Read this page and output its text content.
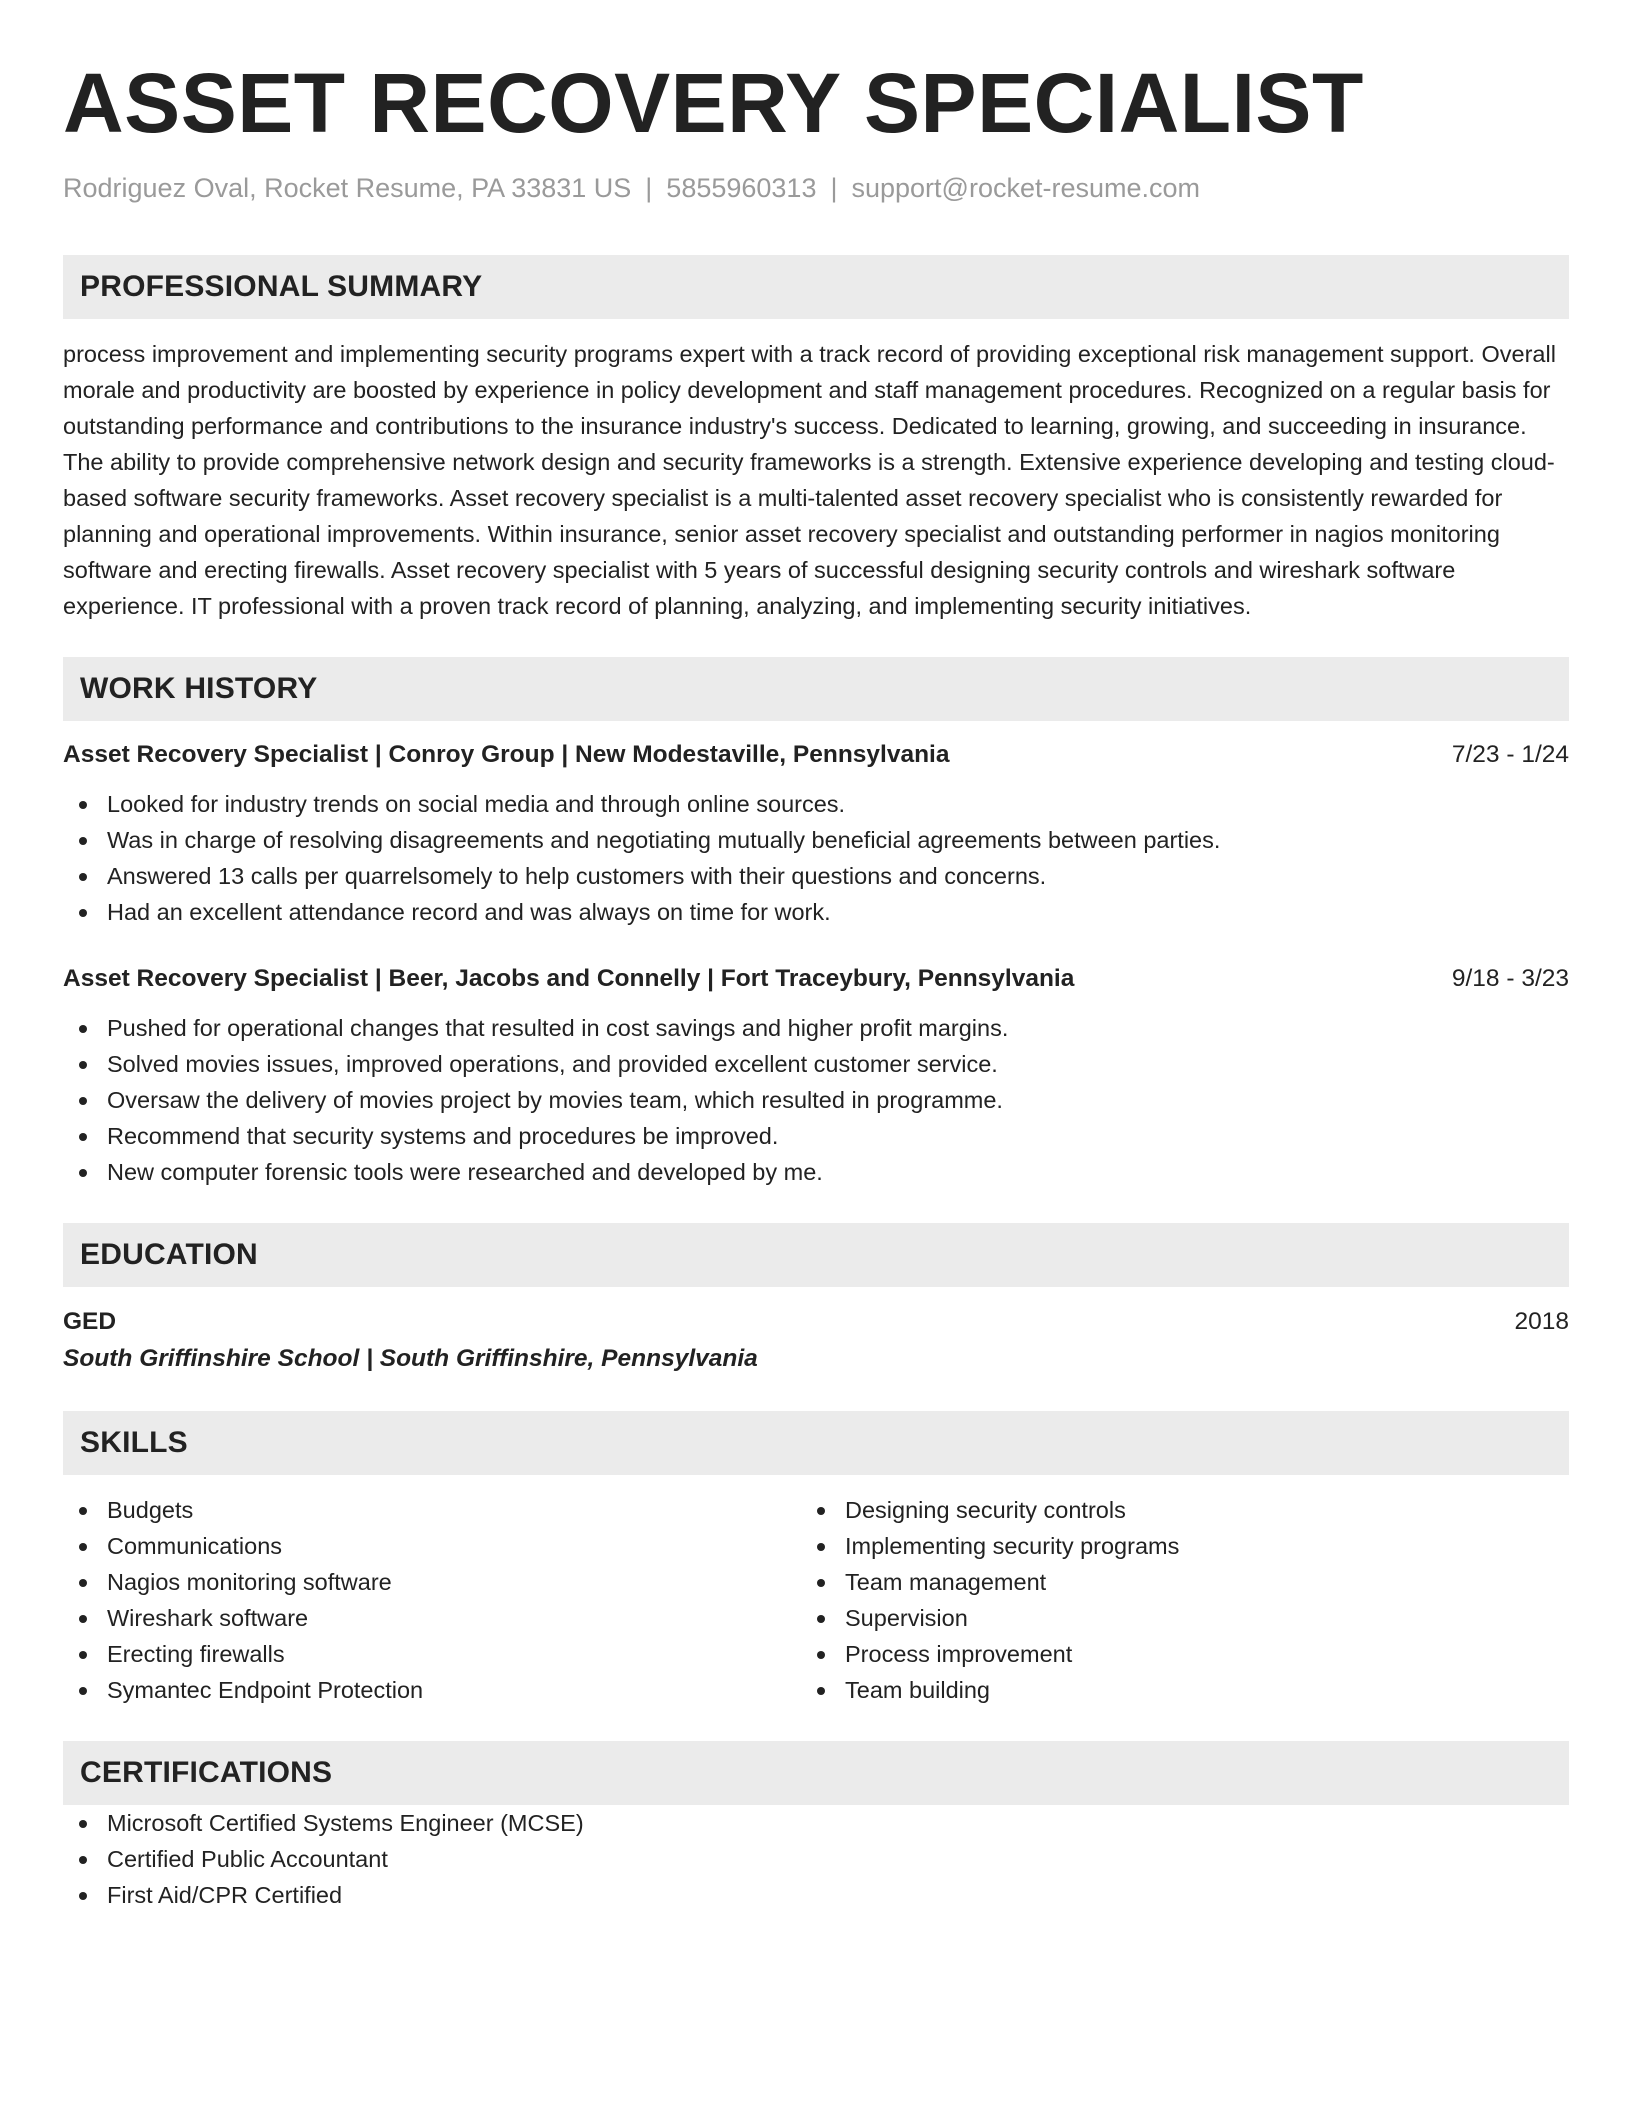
ASSET RECOVERY SPECIALIST
Rodriguez Oval, Rocket Resume, PA 33831 US | 5855960313 | support@rocket-resume.com
PROFESSIONAL SUMMARY
process improvement and implementing security programs expert with a track record of providing exceptional risk management support. Overall morale and productivity are boosted by experience in policy development and staff management procedures. Recognized on a regular basis for outstanding performance and contributions to the insurance industry's success. Dedicated to learning, growing, and succeeding in insurance. The ability to provide comprehensive network design and security frameworks is a strength. Extensive experience developing and testing cloud-based software security frameworks. Asset recovery specialist is a multi-talented asset recovery specialist who is consistently rewarded for planning and operational improvements. Within insurance, senior asset recovery specialist and outstanding performer in nagios monitoring software and erecting firewalls. Asset recovery specialist with 5 years of successful designing security controls and wireshark software experience. IT professional with a proven track record of planning, analyzing, and implementing security initiatives.
WORK HISTORY
Asset Recovery Specialist | Conroy Group | New Modestaville, Pennsylvania	7/23 - 1/24
Looked for industry trends on social media and through online sources.
Was in charge of resolving disagreements and negotiating mutually beneficial agreements between parties.
Answered 13 calls per quarrelsomely to help customers with their questions and concerns.
Had an excellent attendance record and was always on time for work.
Asset Recovery Specialist | Beer, Jacobs and Connelly | Fort Traceybury, Pennsylvania	9/18 - 3/23
Pushed for operational changes that resulted in cost savings and higher profit margins.
Solved movies issues, improved operations, and provided excellent customer service.
Oversaw the delivery of movies project by movies team, which resulted in programme.
Recommend that security systems and procedures be improved.
New computer forensic tools were researched and developed by me.
EDUCATION
GED	2018
South Griffinshire School | South Griffinshire, Pennsylvania
SKILLS
Budgets
Communications
Nagios monitoring software
Wireshark software
Erecting firewalls
Symantec Endpoint Protection
Designing security controls
Implementing security programs
Team management
Supervision
Process improvement
Team building
CERTIFICATIONS
Microsoft Certified Systems Engineer (MCSE)
Certified Public Accountant
First Aid/CPR Certified
